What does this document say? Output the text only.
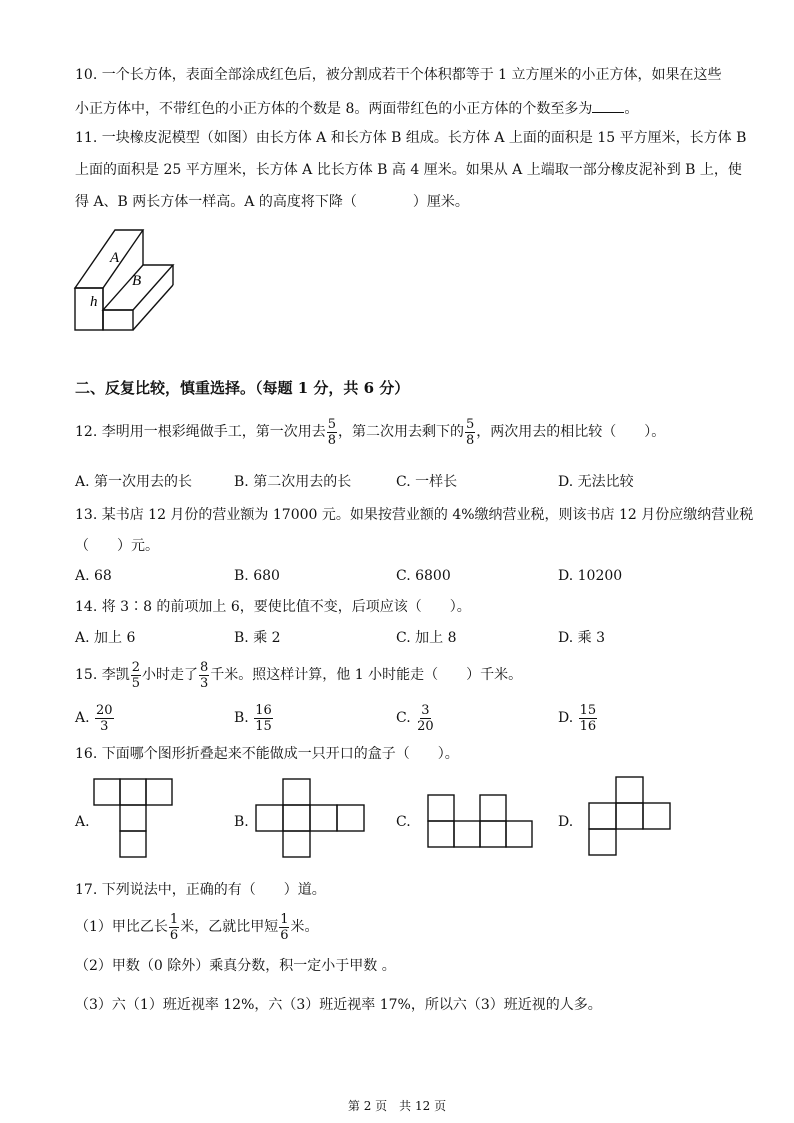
10. 一个长方体，表面全部涂成红色后，被分割成若干个体积都等于 1 立方厘米的小正方体，如果在这些
小正方体中，不带红色的小正方体的个数是 8。两面带红色的小正方体的个数至多为 。
11. 一块橡皮泥模型（如图）由长方体 A 和长方体 B 组成。长方体 A 上面的面积是 15 平方厘米，长方体 B
上面的面积是 25 平方厘米，长方体 A 比长方体 B 高 4 厘米。如果从 A 上端取一部分橡皮泥补到 B 上，使
得 A、B 两长方体一样高。A 的高度将下降（　　　　）厘米。
A
B
h
二、反复比较，慎重选择。（每题 1 分，共 6 分）
12. 李明用一根彩绳做手工，第一次用去 $\frac{5}{8}$ ，第二次用去剩下的 $\frac{5}{8}$ ，两次用去的相比较（　　）。
A. 第一次用去的长	B. 第二次用去的长	C. 一样长	D. 无法比较
13. 某书店 12 月份的营业额为 17000 元。如果按营业额的 4%缴纳营业税，则该书店 12 月份应缴纳营业税
（　　）元。
A. 68	B. 680	C. 6800	D. 10200
14. 将 3∶8 的前项加上 6，要使比值不变，后项应该（　　）。
A. 加上 6	B. 乘 2	C. 加上 8	D. 乘 3
15. 李凯 $\frac{2}{5}$ 小时走了 $\frac{8}{3}$ 千米。照这样计算，他 1 小时能走（　　）千米。
A. $\frac{20}{3}$	B. $\frac{16}{15}$	C. $\frac{3}{20}$	D. $\frac{15}{16}$
16. 下面哪个图形折叠起来不能做成一只开口的盒子（　　）。
A.	B.	C.	D.
17. 下列说法中，正确的有（　　）道。
（1）甲比乙长 $\frac{1}{6}$ 米，乙就比甲短 $\frac{1}{6}$ 米。
（2）甲数（0 除外）乘真分数，积一定小于甲数 。
（3）六（1）班近视率 12%，六（3）班近视率 17%，所以六（3）班近视的人多。
第 2 页　共 12 页
